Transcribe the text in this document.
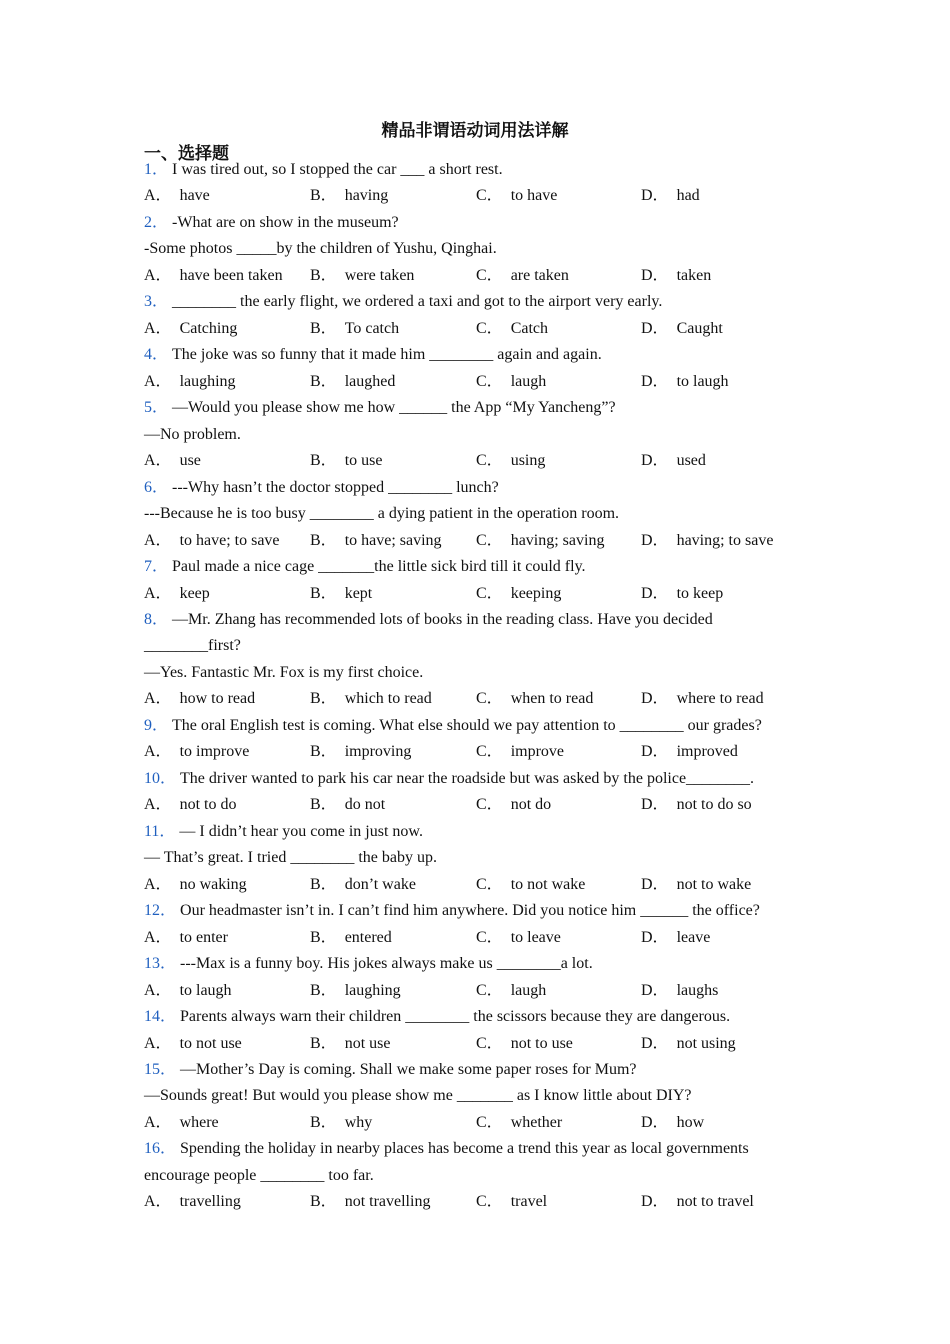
精品非谓语动词用法详解
一、选择题
1． I was tired out, so I stopped the car ___ a short rest.
A． have	B． having	C． to have	D． had
2． -What are on show in the museum?
-Some photos _____by the children of Yushu, Qinghai.
A． have been taken B． were taken	C． are taken	D． taken
3． ________ the early flight, we ordered a taxi and got to the airport very early.
A． Catching	B． To catch	C． Catch	D． Caught
4． The joke was so funny that it made him ________ again and again.
A． laughing	B． laughed	C． laugh	D． to laugh
5． —Would you please show me how ______ the App “My Yancheng”?
—No problem.
A． use	B． to use	C． using	D． used
6． ---Why hasn’t the doctor stopped ________ lunch?
---Because he is too busy ________ a dying patient in the operation room.
A． to have; to save B． to have; saving C． having; saving D． having; to save
7． Paul made a nice cage _______the little sick bird till it could fly.
A． keep	B． kept	C． keeping	D． to keep
8． —Mr. Zhang has recommended lots of books in the reading class. Have you decided
________first?
—Yes. Fantastic Mr. Fox is my first choice.
A． how to read	B． which to read	C． when to read	D． where to read
9． The oral English test is coming. What else should we pay attention to ________ our grades?
A． to improve	B． improving	C． improve	D． improved
10． The driver wanted to park his car near the roadside but was asked by the police________.
A． not to do	B． do not	C． not do	D． not to do so
11． — I didn’t hear you come in just now.
— That’s great. I tried ________ the baby up.
A． no waking	B． don’t wake	C． to not wake	D． not to wake
12． Our headmaster isn’t in. I can’t find him anywhere. Did you notice him ______ the office?
A． to enter	B． entered	C． to leave	D． leave
13． ---Max is a funny boy. His jokes always make us ________a lot.
A． to laugh	B． laughing	C． laugh	D． laughs
14． Parents always warn their children ________ the scissors because they are dangerous.
A． to not use	B． not use	C． not to use	D． not using
15． —Mother’s Day is coming. Shall we make some paper roses for Mum?
—Sounds great! But would you please show me _______ as I know little about DIY?
A． where	B． why	C． whether	D． how
16． Spending the holiday in nearby places has become a trend this year as local governments
encourage people ________ too far.
A． travelling	B． not travelling	C． travel	D． not to travel
